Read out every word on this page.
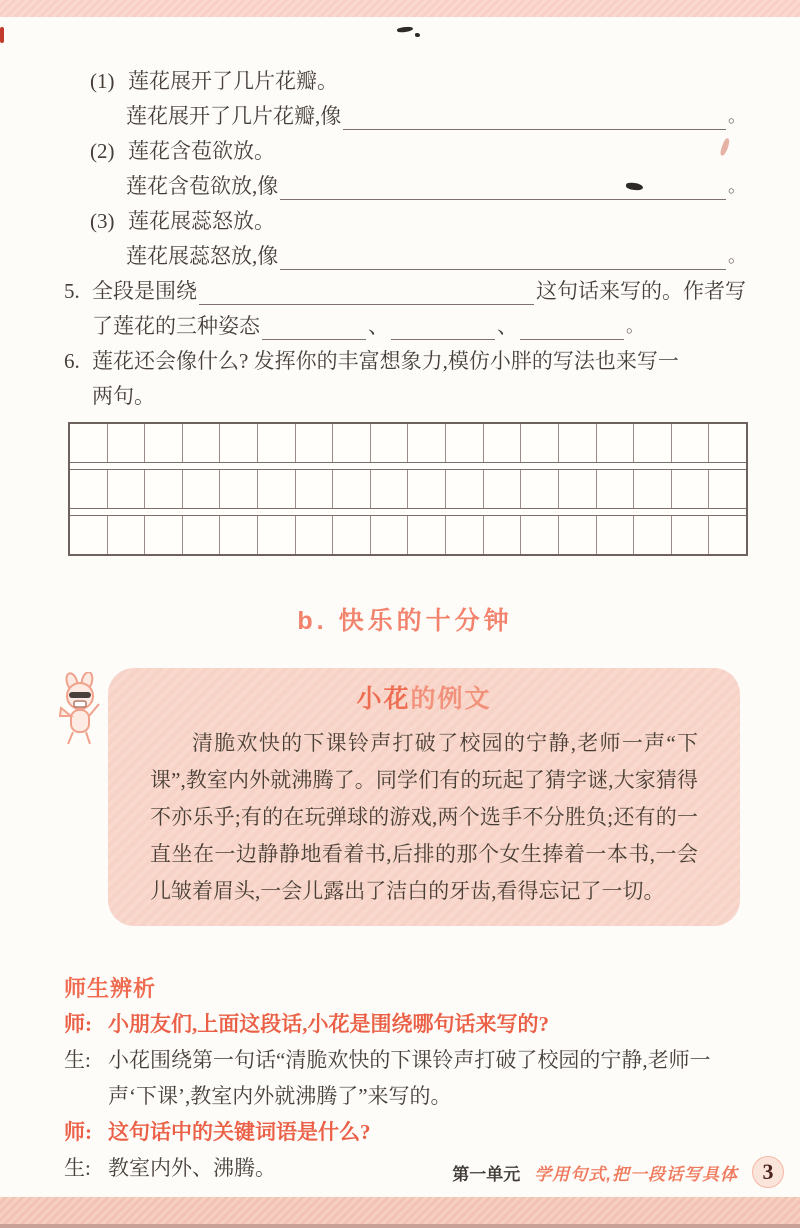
(1) 莲花展开了几片花瓣。
莲花展开了几片花瓣,像	。
(2) 莲花含苞欲放。
莲花含苞欲放,像	。
(3) 莲花展蕊怒放。
莲花展蕊怒放,像	。
5. 全段是围绕	这句话来写的。作者写
了莲花的三种姿态	、	、	。
6. 莲花还会像什么? 发挥你的丰富想象力,模仿小胖的写法也来写一
两句。
b. 快乐的十分钟
小花的例文
清脆欢快的下课铃声打破了校园的宁静,老师一声“下课”,教室内外就沸腾了。同学们有的玩起了猜字谜,大家猜得不亦乐乎;有的在玩弹球的游戏,两个选手不分胜负;还有的一直坐在一边静静地看着书,后排的那个女生捧着一本书,一会儿皱着眉头,一会儿露出了洁白的牙齿,看得忘记了一切。
师生辨析
师: 小朋友们,上面这段话,小花是围绕哪句话来写的?
生: 小花围绕第一句话“清脆欢快的下课铃声打破了校园的宁静,老师一声‘下课’,教室内外就沸腾了”来写的。
师: 这句话中的关键词语是什么?
生: 教室内外、沸腾。	第一单元 学用句式,把一段话写具体	3
